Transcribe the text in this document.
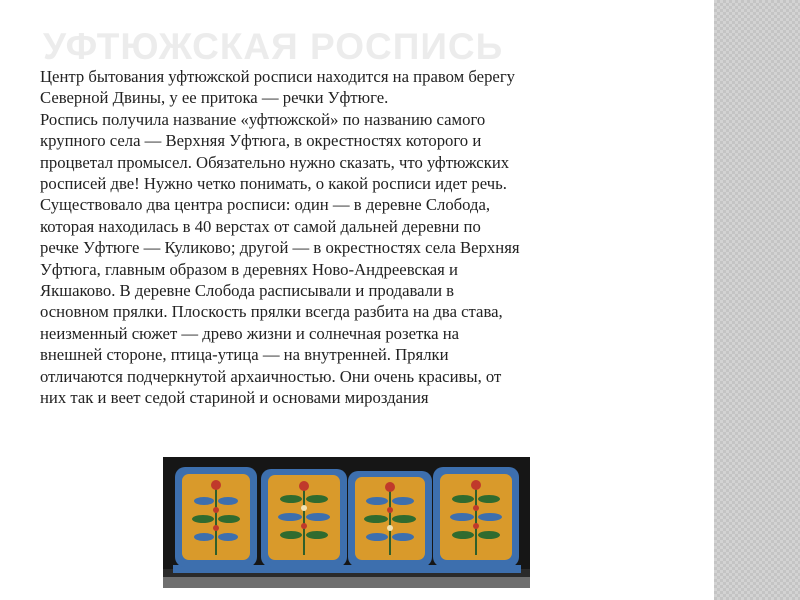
УФТЮЖСКАЯ РОСПИСЬ

Центр бытования уфтюжской росписи находится на правом берегу

Северной Двины, у ее притока — речки Уфтюге.

Роспись получила название «уфтюжской» по названию самого

крупного села — Верхняя Уфтюга, в окрестностях которого и

процветал промысел. Обязательно нужно сказать, что уфтюжских

росписей две! Нужно четко понимать, о какой росписи идет речь.

Существовало два центра росписи: один — в деревне Слобода,

которая находилась в 40 верстах от самой дальней деревни по

речке Уфтюге — Куликово; другой — в окрестностях села Верхняя

Уфтюга, главным образом в деревнях Ново-Андреевская и

Якшаково. В деревне Слобода расписывали и продавали в

основном прялки. Плоскость прялки всегда разбита на два става,

неизменный сюжет — древо жизни и солнечная розетка на

внешней стороне, птица-утица — на внутренней. Прялки

отличаются подчеркнутой архаичностью. Они очень красивы, от

них так и веет седой стариной и основами мироздания
